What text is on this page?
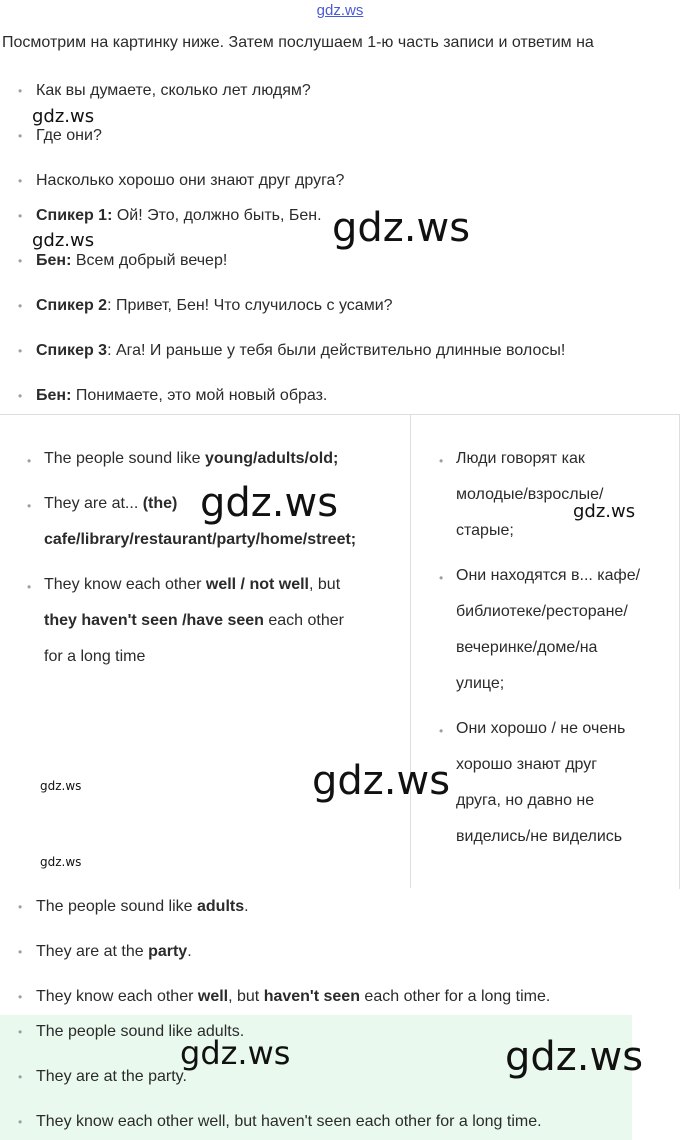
gdz.ws
Посмотрим на картинку ниже. Затем послушаем 1-ю часть записи и ответим на
• Как вы думаете, сколько лет людям?
gdz.ws
• Где они?
• Насколько хорошо они знают друг друга?
• Спикер 1: Ой! Это, должно быть, Бен.
gdz.ws	gdz.ws
• Бен: Всем добрый вечер!
• Спикер 2: Привет, Бен! Что случилось с усами?
• Спикер 3: Ага! И раньше у тебя были действительно длинные волосы!
• Бен: Понимаете, это мой новый образ.
• The people sound like young/adults/old;
• They are at... (the)
cafe/library/restaurant/party/home/street;
gdz.ws
• They know each other well / not well, but
they haven't seen /have seen each other
for a long time
gdz.ws	gdz.ws
gdz.ws
• Люди говорят как
молодые/взрослые/
старые;
gdz.ws
• Они находятся в... кафе/
библиотеке/ресторане/
вечеринке/доме/на
улице;
• Они хорошо / не очень
хорошо знают друг
друга, но давно не
виделись/не виделись
• The people sound like adults.
• They are at the party.
• They know each other well, but haven't seen each other for a long time.
• The people sound like adults.
• They are at the party.
• They know each other well, but haven't seen each other for a long time.
gdz.ws	gdz.ws
